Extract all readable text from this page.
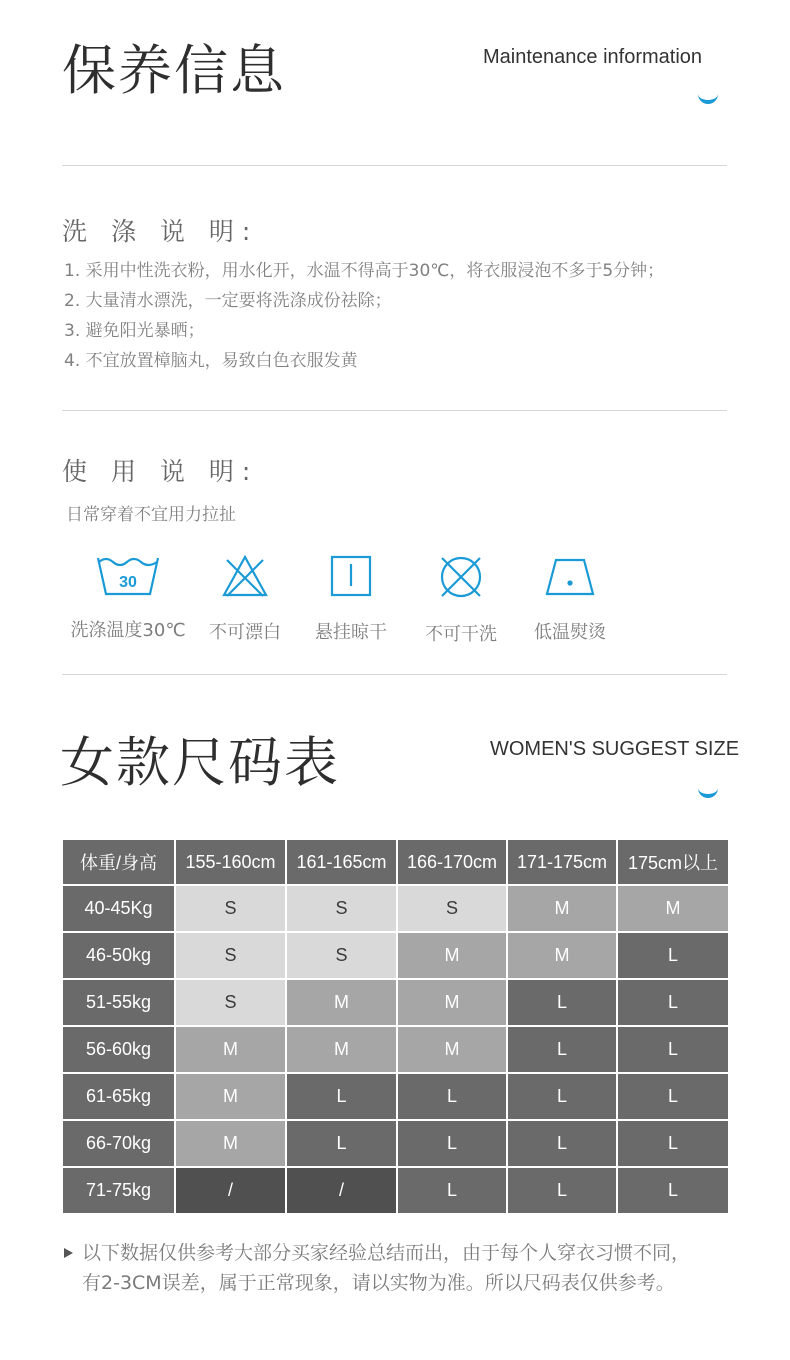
保养信息	Maintenance information
洗 涤 说 明:
1. 采用中性洗衣粉，用水化开，水温不得高于30℃，将衣服浸泡不多于5分钟；
2. 大量清水漂洗，一定要将洗涤成份祛除；
3. 避免阳光暴晒；
4. 不宜放置樟脑丸，易致白色衣服发黄
使 用 说 明:
日常穿着不宜用力拉扯
30
洗涤温度30℃	不可漂白	悬挂晾干	不可干洗	低温熨烫
女款尺码表	WOMEN'S SUGGEST SIZE
体重/身高	155-160cm	161-165cm	166-170cm	171-175cm	175cm以上
40-45Kg	S	S	S	M	M
46-50kg	S	S	M	M	L
51-55kg	S	M	M	L	L
56-60kg	M	M	M	L	L
61-65kg	M	L	L	L	L
66-70kg	M	L	L	L	L
71-75kg	/	/	L	L	L
以下数据仅供参考大部分买家经验总结而出，由于每个人穿衣习惯不同，
有2-3CM误差，属于正常现象，请以实物为准。所以尺码表仅供参考。
